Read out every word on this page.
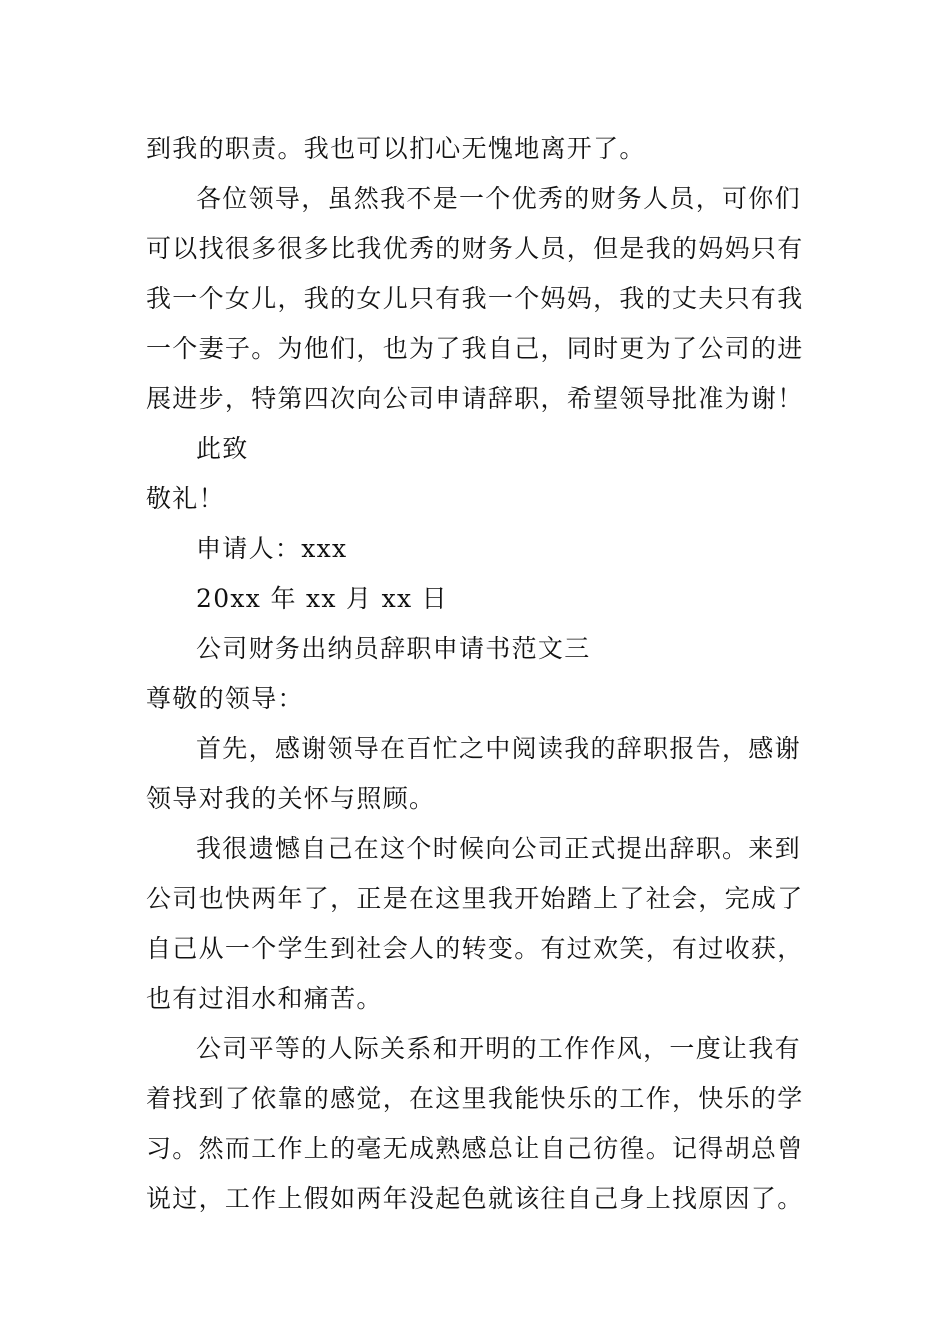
到我的职责。我也可以扪心无愧地离开了。
各位领导，虽然我不是一个优秀的财务人员，可你们
可以找很多很多比我优秀的财务人员，但是我的妈妈只有
我一个女儿，我的女儿只有我一个妈妈，我的丈夫只有我
一个妻子。为他们，也为了我自己，同时更为了公司的进
展进步，特第四次向公司申请辞职，希望领导批准为谢！
此致
敬礼！
申请人：xxx
20xx 年 xx 月 xx 日
公司财务出纳员辞职申请书范文三
尊敬的领导：
首先，感谢领导在百忙之中阅读我的辞职报告，感谢
领导对我的关怀与照顾。
我很遗憾自己在这个时候向公司正式提出辞职。来到
公司也快两年了，正是在这里我开始踏上了社会，完成了
自己从一个学生到社会人的转变。有过欢笑，有过收获，
也有过泪水和痛苦。
公司平等的人际关系和开明的工作作风，一度让我有
着找到了依靠的感觉，在这里我能快乐的工作，快乐的学
习。然而工作上的毫无成熟感总让自己彷徨。记得胡总曾
说过，工作上假如两年没起色就该往自己身上找原因了。
